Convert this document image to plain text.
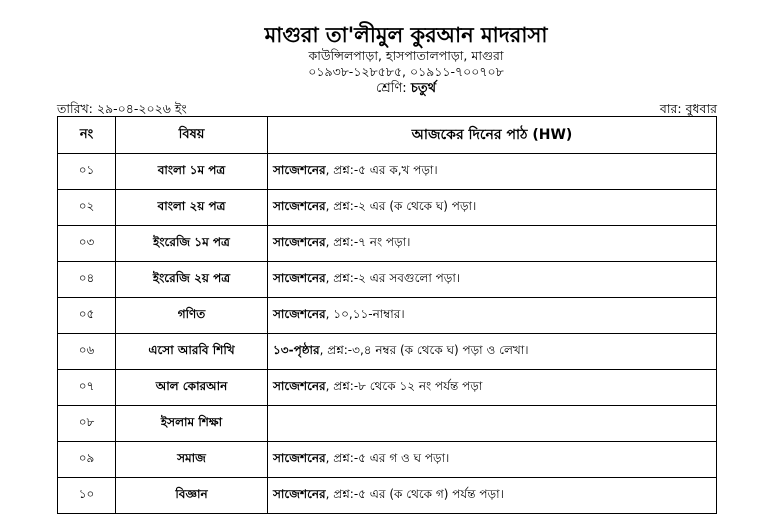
মাগুরা তা'লীমুল কুরআন মাদরাসা
কাউন্সিলপাড়া, হাসপাতালপাড়া, মাগুরা
০১৯৩৮-১২৮৫৮৫, ০১৯১১-৭০০৭০৮
শ্রেণি: চতুর্থ
তারিখ: ২৯-০৪-২০২৬ ইং	বার: বুধবার
নং	বিষয়	আজকের দিনের পাঠ (HW)
০১	বাংলা ১ম পত্র	সাজেশনের, প্রশ্ন:-৫ এর ক,খ পড়া।
০২	বাংলা ২য় পত্র	সাজেশনের, প্রশ্ন:-২ এর (ক থেকে ঘ) পড়া।
০৩	ইংরেজি ১ম পত্র	সাজেশনের, প্রশ্ন:-৭ নং পড়া।
০৪	ইংরেজি ২য় পত্র	সাজেশনের, প্রশ্ন:-২ এর সবগুলো পড়া।
০৫	গণিত	সাজেশনের, ১০,১১-নাম্বার।
০৬	এসো আরবি শিখি	১৩-পৃষ্ঠার, প্রশ্ন:-৩,৪ নম্বর (ক থেকে ঘ) পড়া ও লেখা।
০৭	আল কোরআন	সাজেশনের, প্রশ্ন:-৮ থেকে ১২ নং পর্যন্ত পড়া
০৮	ইসলাম শিক্ষা	
০৯	সমাজ	সাজেশনের, প্রশ্ন:-৫ এর গ ও ঘ পড়া।
১০	বিজ্ঞান	সাজেশনের, প্রশ্ন:-৫ এর (ক থেকে গ) পর্যন্ত পড়া।
